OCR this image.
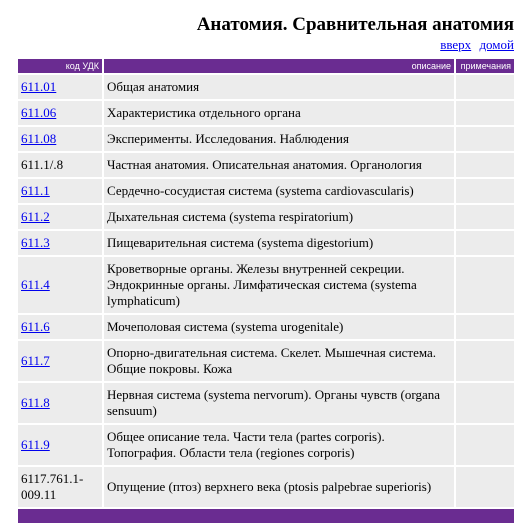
Анатомия. Сравнительная анатомия
вверх домой
код УДК	описание	примечания
611.01	Общая анатомия	
611.06	Характеристика отдельного органа	
611.08	Эксперименты. Исследования. Наблюдения	
611.1/.8	Частная анатомия. Описательная анатомия. Органология	
611.1	Сердечно-сосудистая система (systema cardiovascularis)	
611.2	Дыхательная система (systema respiratorium)	
611.3	Пищеварительная система (systema digestorium)	
611.4	Кроветворные органы. Железы внутренней секреции. Эндокринные органы. Лимфатическая система (systema lymphaticum)	
611.6	Мочеполовая система (systema urogenitale)	
611.7	Опорно-двигательная система. Скелет. Мышечная система. Общие покровы. Кожа	
611.8	Нервная система (systema nervorum). Органы чувств (organa sensuum)	
611.9	Общее описание тела. Части тела (partes corporis). Топография. Области тела (regiones corporis)	
6117.761.1-009.11	Опущение (птоз) верхнего века (ptosis palpebrae superioris)	
